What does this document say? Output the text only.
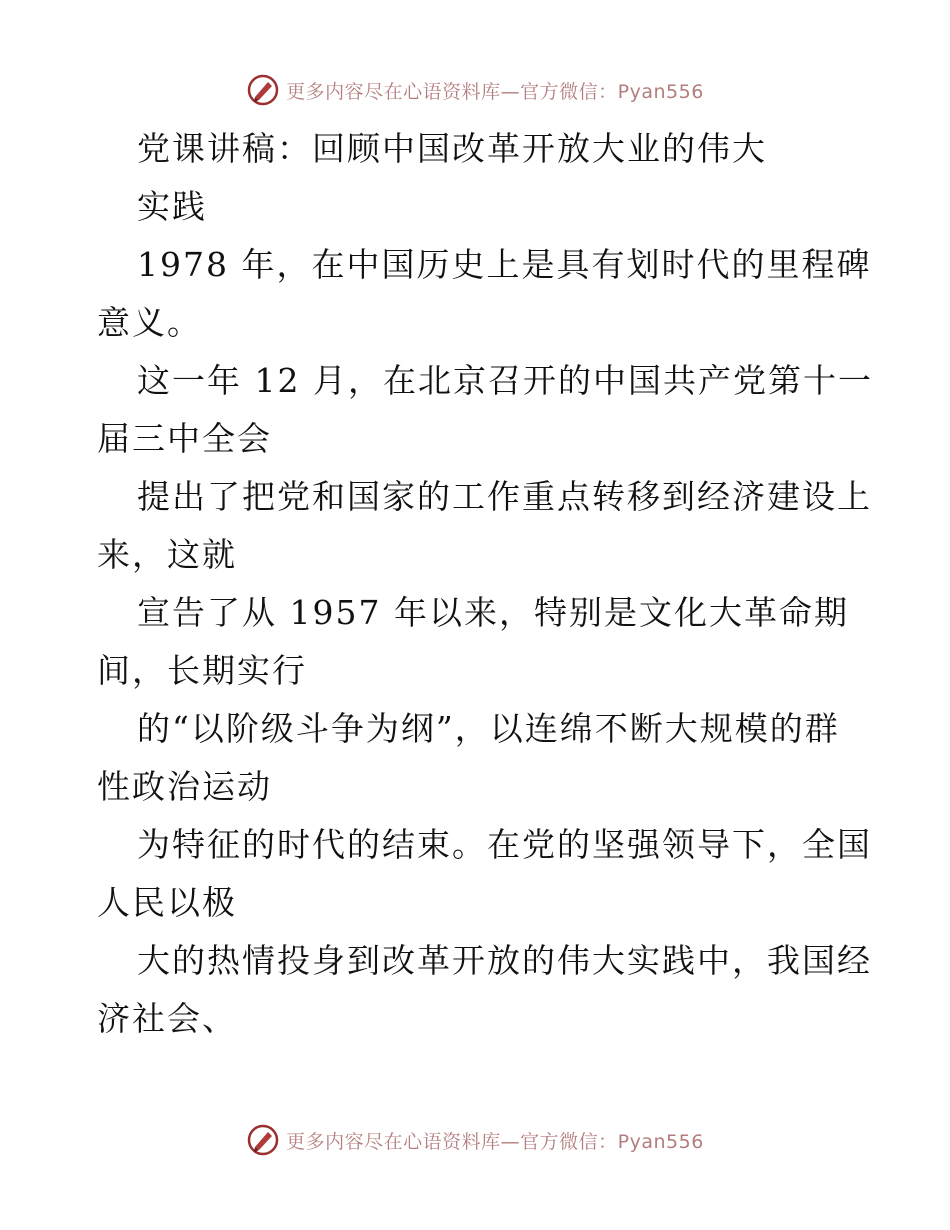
更多内容尽在心语资料库—官方微信：Pyan556
党课讲稿：回顾中国改革开放大业的伟大
实践
1978 年，在中国历史上是具有划时代的里程碑
意义。
这一年 12 月，在北京召开的中国共产党第十一
届三中全会
提出了把党和国家的工作重点转移到经济建设上
来，这就
宣告了从 1957 年以来，特别是文化大革命期
间，长期实行
的“以阶级斗争为纲”，以连绵不断大规模的群
性政治运动
为特征的时代的结束。在党的坚强领导下，全国
人民以极
大的热情投身到改革开放的伟大实践中，我国经
济社会、
更多内容尽在心语资料库—官方微信：Pyan556
